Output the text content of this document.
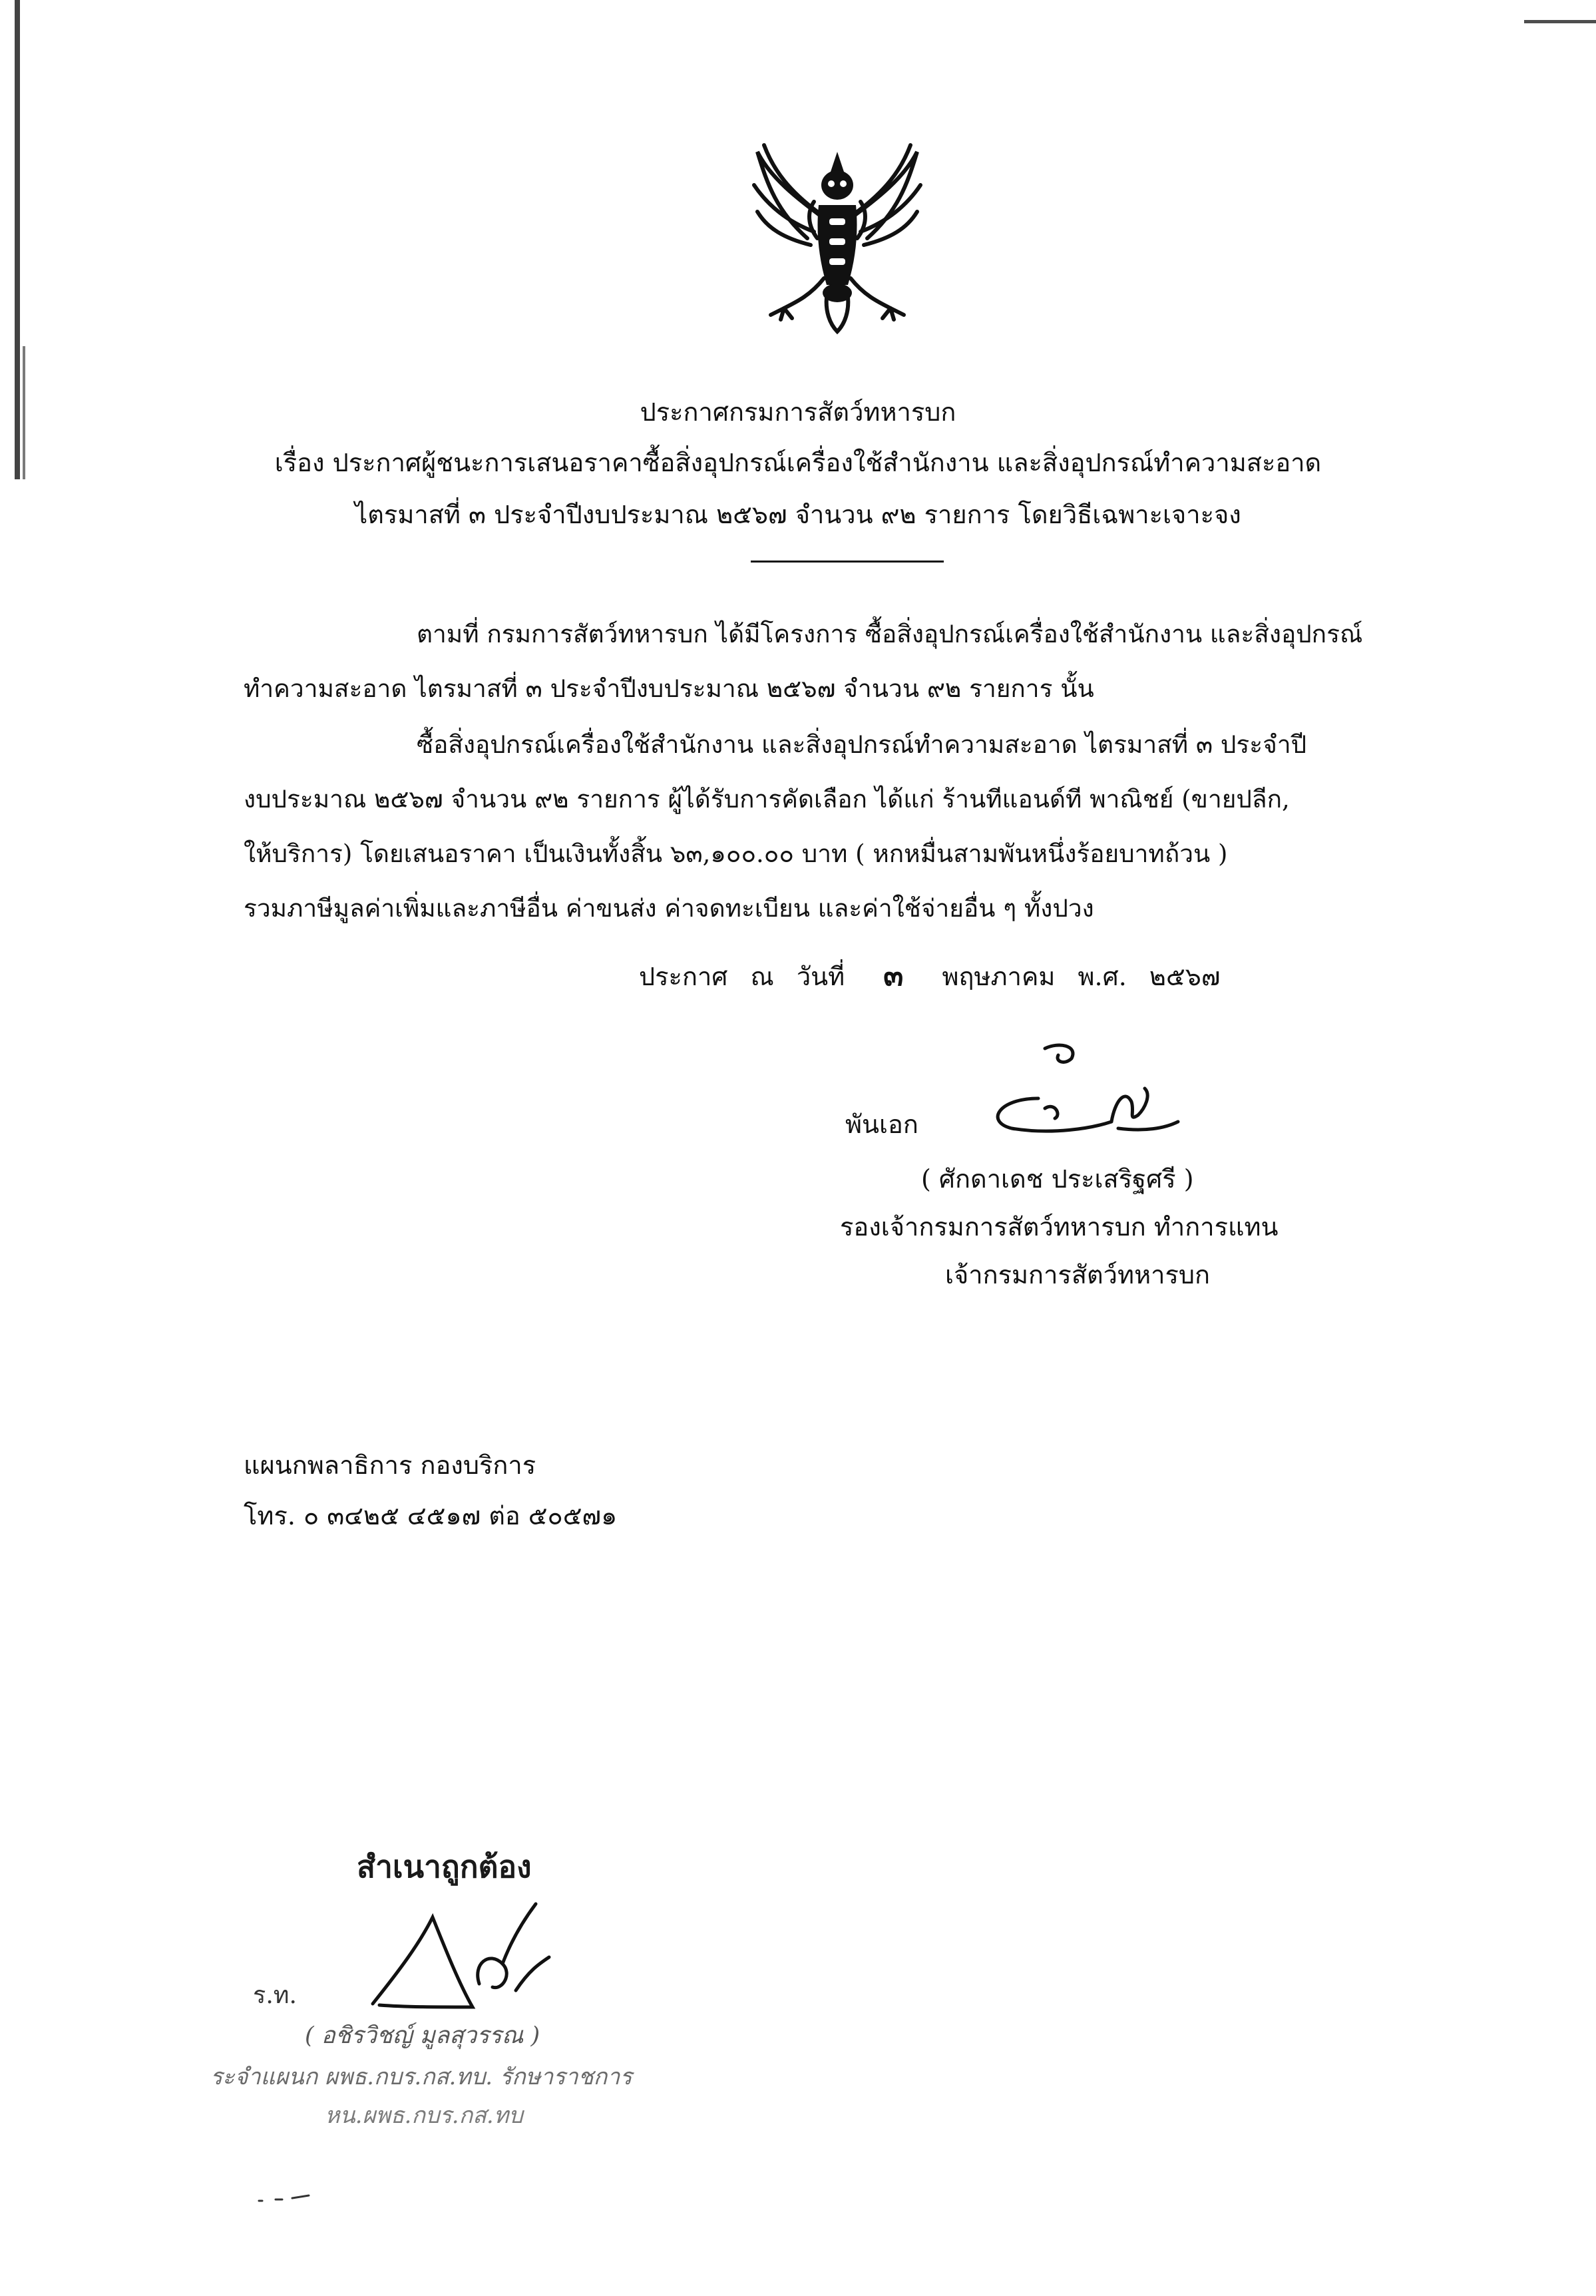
ประกาศกรมการสัตว์ทหารบก
เรื่อง ประกาศผู้ชนะการเสนอราคาซื้อสิ่งอุปกรณ์เครื่องใช้สำนักงาน และสิ่งอุปกรณ์ทำความสะอาด
ไตรมาสที่ ๓ ประจำปีงบประมาณ ๒๕๖๗ จำนวน ๙๒ รายการ โดยวิธีเฉพาะเจาะจง
ตามที่ กรมการสัตว์ทหารบก ได้มีโครงการ ซื้อสิ่งอุปกรณ์เครื่องใช้สำนักงาน และสิ่งอุปกรณ์
ทำความสะอาด ไตรมาสที่ ๓ ประจำปีงบประมาณ ๒๕๖๗ จำนวน ๙๒ รายการ นั้น
ซื้อสิ่งอุปกรณ์เครื่องใช้สำนักงาน และสิ่งอุปกรณ์ทำความสะอาด ไตรมาสที่ ๓ ประจำปี
งบประมาณ ๒๕๖๗ จำนวน ๙๒ รายการ ผู้ได้รับการคัดเลือก ได้แก่ ร้านทีแอนด์ที พาณิชย์ (ขายปลีก,
ให้บริการ) โดยเสนอราคา เป็นเงินทั้งสิ้น ๖๓,๑๐๐.๐๐ บาท ( หกหมื่นสามพันหนึ่งร้อยบาทถ้วน )
รวมภาษีมูลค่าเพิ่มและภาษีอื่น ค่าขนส่ง ค่าจดทะเบียน และค่าใช้จ่ายอื่น ๆ ทั้งปวง
ประกาศ ณ วันที่ ๓ พฤษภาคม พ.ศ. ๒๕๖๗
พันเอก
( ศักดาเดช ประเสริฐศรี )
รองเจ้ากรมการสัตว์ทหารบก ทำการแทน
เจ้ากรมการสัตว์ทหารบก
แผนกพลาธิการ กองบริการ
โทร. ๐ ๓๔๒๕ ๔๕๑๗ ต่อ ๕๐๕๗๑
สำเนาถูกต้อง
ร.ท.
( อชิรวิชญ์ มูลสุวรรณ )
ระจำแผนก ผพธ.กบร.กส.ทบ. รักษาราชการ
หน.ผพธ.กบร.กส.ทบ
